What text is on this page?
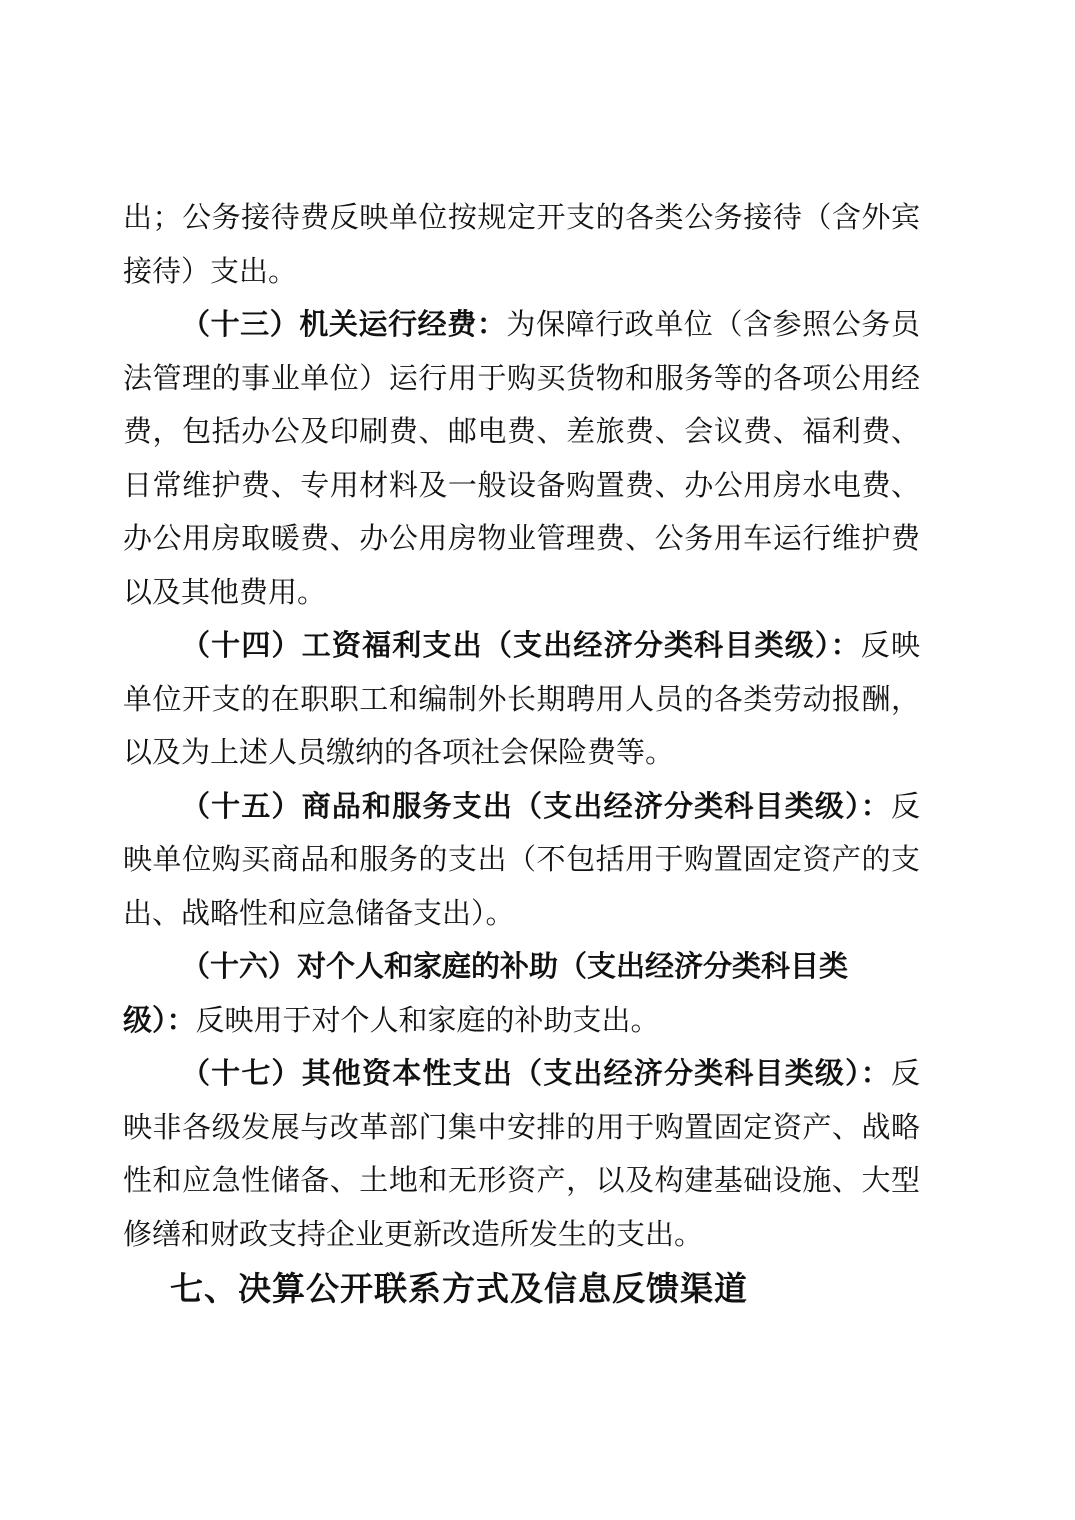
出；公务接待费反映单位按规定开支的各类公务接待（含外宾
接待）支出。
（十三）机关运行经费：为保障行政单位（含参照公务员
法管理的事业单位）运行用于购买货物和服务等的各项公用经
费，包括办公及印刷费、邮电费、差旅费、会议费、福利费、
日常维护费、专用材料及一般设备购置费、办公用房水电费、
办公用房取暖费、办公用房物业管理费、公务用车运行维护费
以及其他费用。
（十四）工资福利支出（支出经济分类科目类级）：反映
单位开支的在职职工和编制外长期聘用人员的各类劳动报酬，
以及为上述人员缴纳的各项社会保险费等。
（十五）商品和服务支出（支出经济分类科目类级）：反
映单位购买商品和服务的支出（不包括用于购置固定资产的支
出、战略性和应急储备支出）。
（十六）对个人和家庭的补助（支出经济分类科目类
级）：反映用于对个人和家庭的补助支出。
（十七）其他资本性支出（支出经济分类科目类级）：反
映非各级发展与改革部门集中安排的用于购置固定资产、战略
性和应急性储备、土地和无形资产，以及构建基础设施、大型
修缮和财政支持企业更新改造所发生的支出。
七、决算公开联系方式及信息反馈渠道
